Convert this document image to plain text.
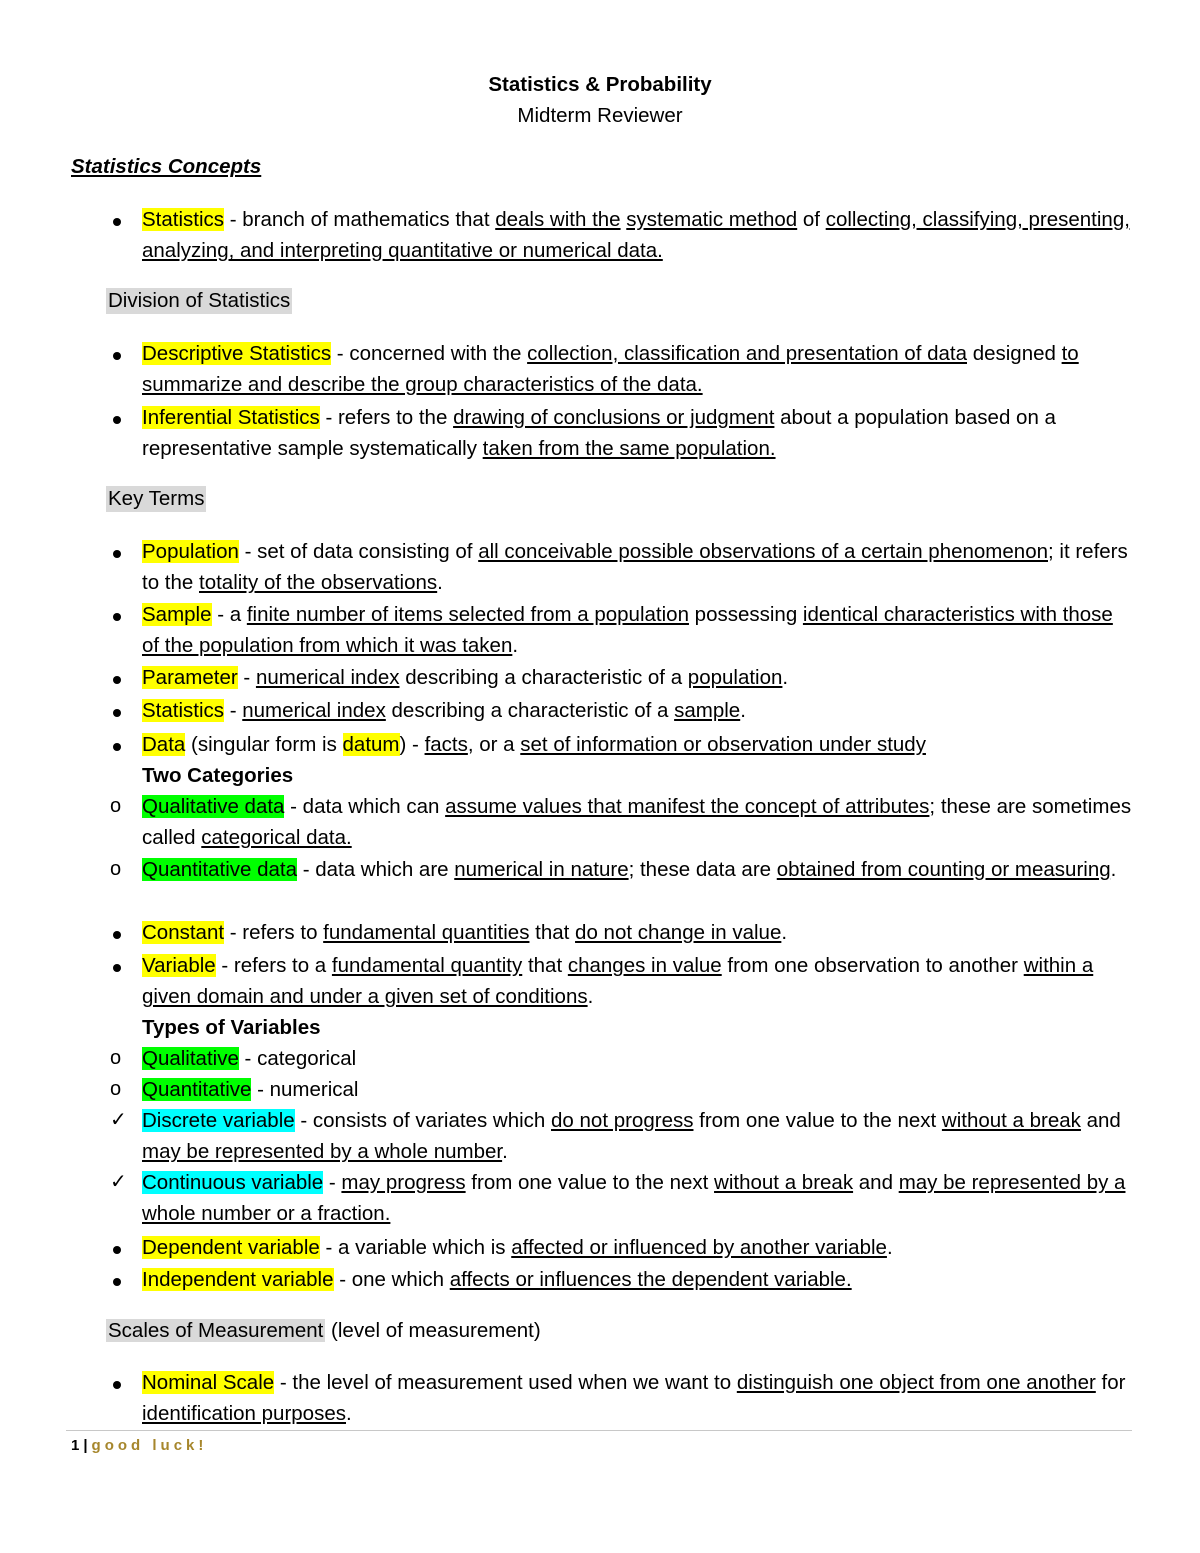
Statistics & Probability
Midterm Reviewer
Statistics Concepts
Statistics - branch of mathematics that deals with the systematic method of collecting, classifying, presenting, analyzing, and interpreting quantitative or numerical data.
Division of Statistics
Descriptive Statistics - concerned with the collection, classification and presentation of data designed to summarize and describe the group characteristics of the data.
Inferential Statistics - refers to the drawing of conclusions or judgment about a population based on a representative sample systematically taken from the same population.
Key Terms
Population - set of data consisting of all conceivable possible observations of a certain phenomenon; it refers to the totality of the observations.
Sample - a finite number of items selected from a population possessing identical characteristics with those of the population from which it was taken.
Parameter - numerical index describing a characteristic of a population.
Statistics - numerical index describing a characteristic of a sample.
Data (singular form is datum) - facts, or a set of information or observation under study
Two Categories
o	Qualitative data - data which can assume values that manifest the concept of attributes; these are sometimes called categorical data.
o	Quantitative data - data which are numerical in nature; these data are obtained from counting or measuring.
Constant - refers to fundamental quantities that do not change in value.
Variable - refers to a fundamental quantity that changes in value from one observation to another within a given domain and under a given set of conditions.
Types of Variables
o	Qualitative - categorical
o	Quantitative - numerical
✓ Discrete variable - consists of variates which do not progress from one value to the next without a break and may be represented by a whole number.
✓ Continuous variable - may progress from one value to the next without a break and may be represented by a whole number or a fraction.
Dependent variable - a variable which is affected or influenced by another variable.
Independent variable - one which affects or influences the dependent variable.
Scales of Measurement (level of measurement)
Nominal Scale - the level of measurement used when we want to distinguish one object from one another for identification purposes.
1 | good luck!
